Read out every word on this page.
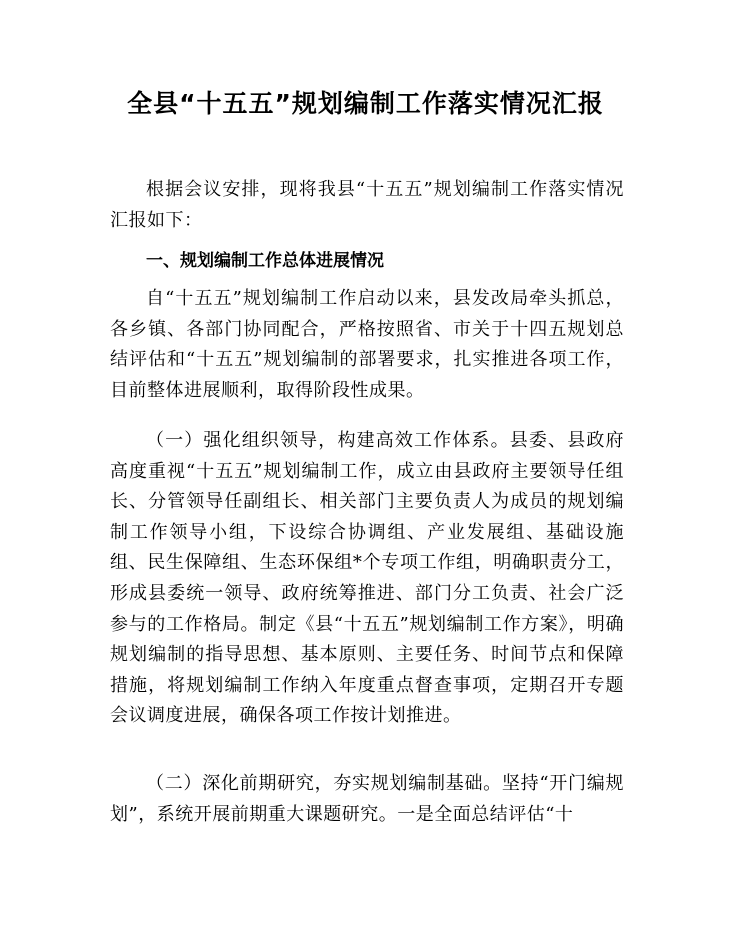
全县“十五五”规划编制工作落实情况汇报

根据会议安排，现将我县“十五五”规划编制工作落实情况汇报如下：

一、规划编制工作总体进展情况

自“十五五”规划编制工作启动以来，县发改局牵头抓总，各乡镇、各部门协同配合，严格按照省、市关于十四五规划总结评估和“十五五”规划编制的部署要求，扎实推进各项工作，目前整体进展顺利，取得阶段性成果。

（一）强化组织领导，构建高效工作体系。县委、县政府高度重视“十五五”规划编制工作，成立由县政府主要领导任组长、分管领导任副组长、相关部门主要负责人为成员的规划编制工作领导小组，下设综合协调组、产业发展组、基础设施组、民生保障组、生态环保组*个专项工作组，明确职责分工，形成县委统一领导、政府统筹推进、部门分工负责、社会广泛参与的工作格局。制定《县“十五五”规划编制工作方案》，明确规划编制的指导思想、基本原则、主要任务、时间节点和保障措施，将规划编制工作纳入年度重点督查事项，定期召开专题会议调度进展，确保各项工作按计划推进。

（二）深化前期研究，夯实规划编制基础。坚持“开门编规划”，系统开展前期重大课题研究。一是全面总结评估“十
